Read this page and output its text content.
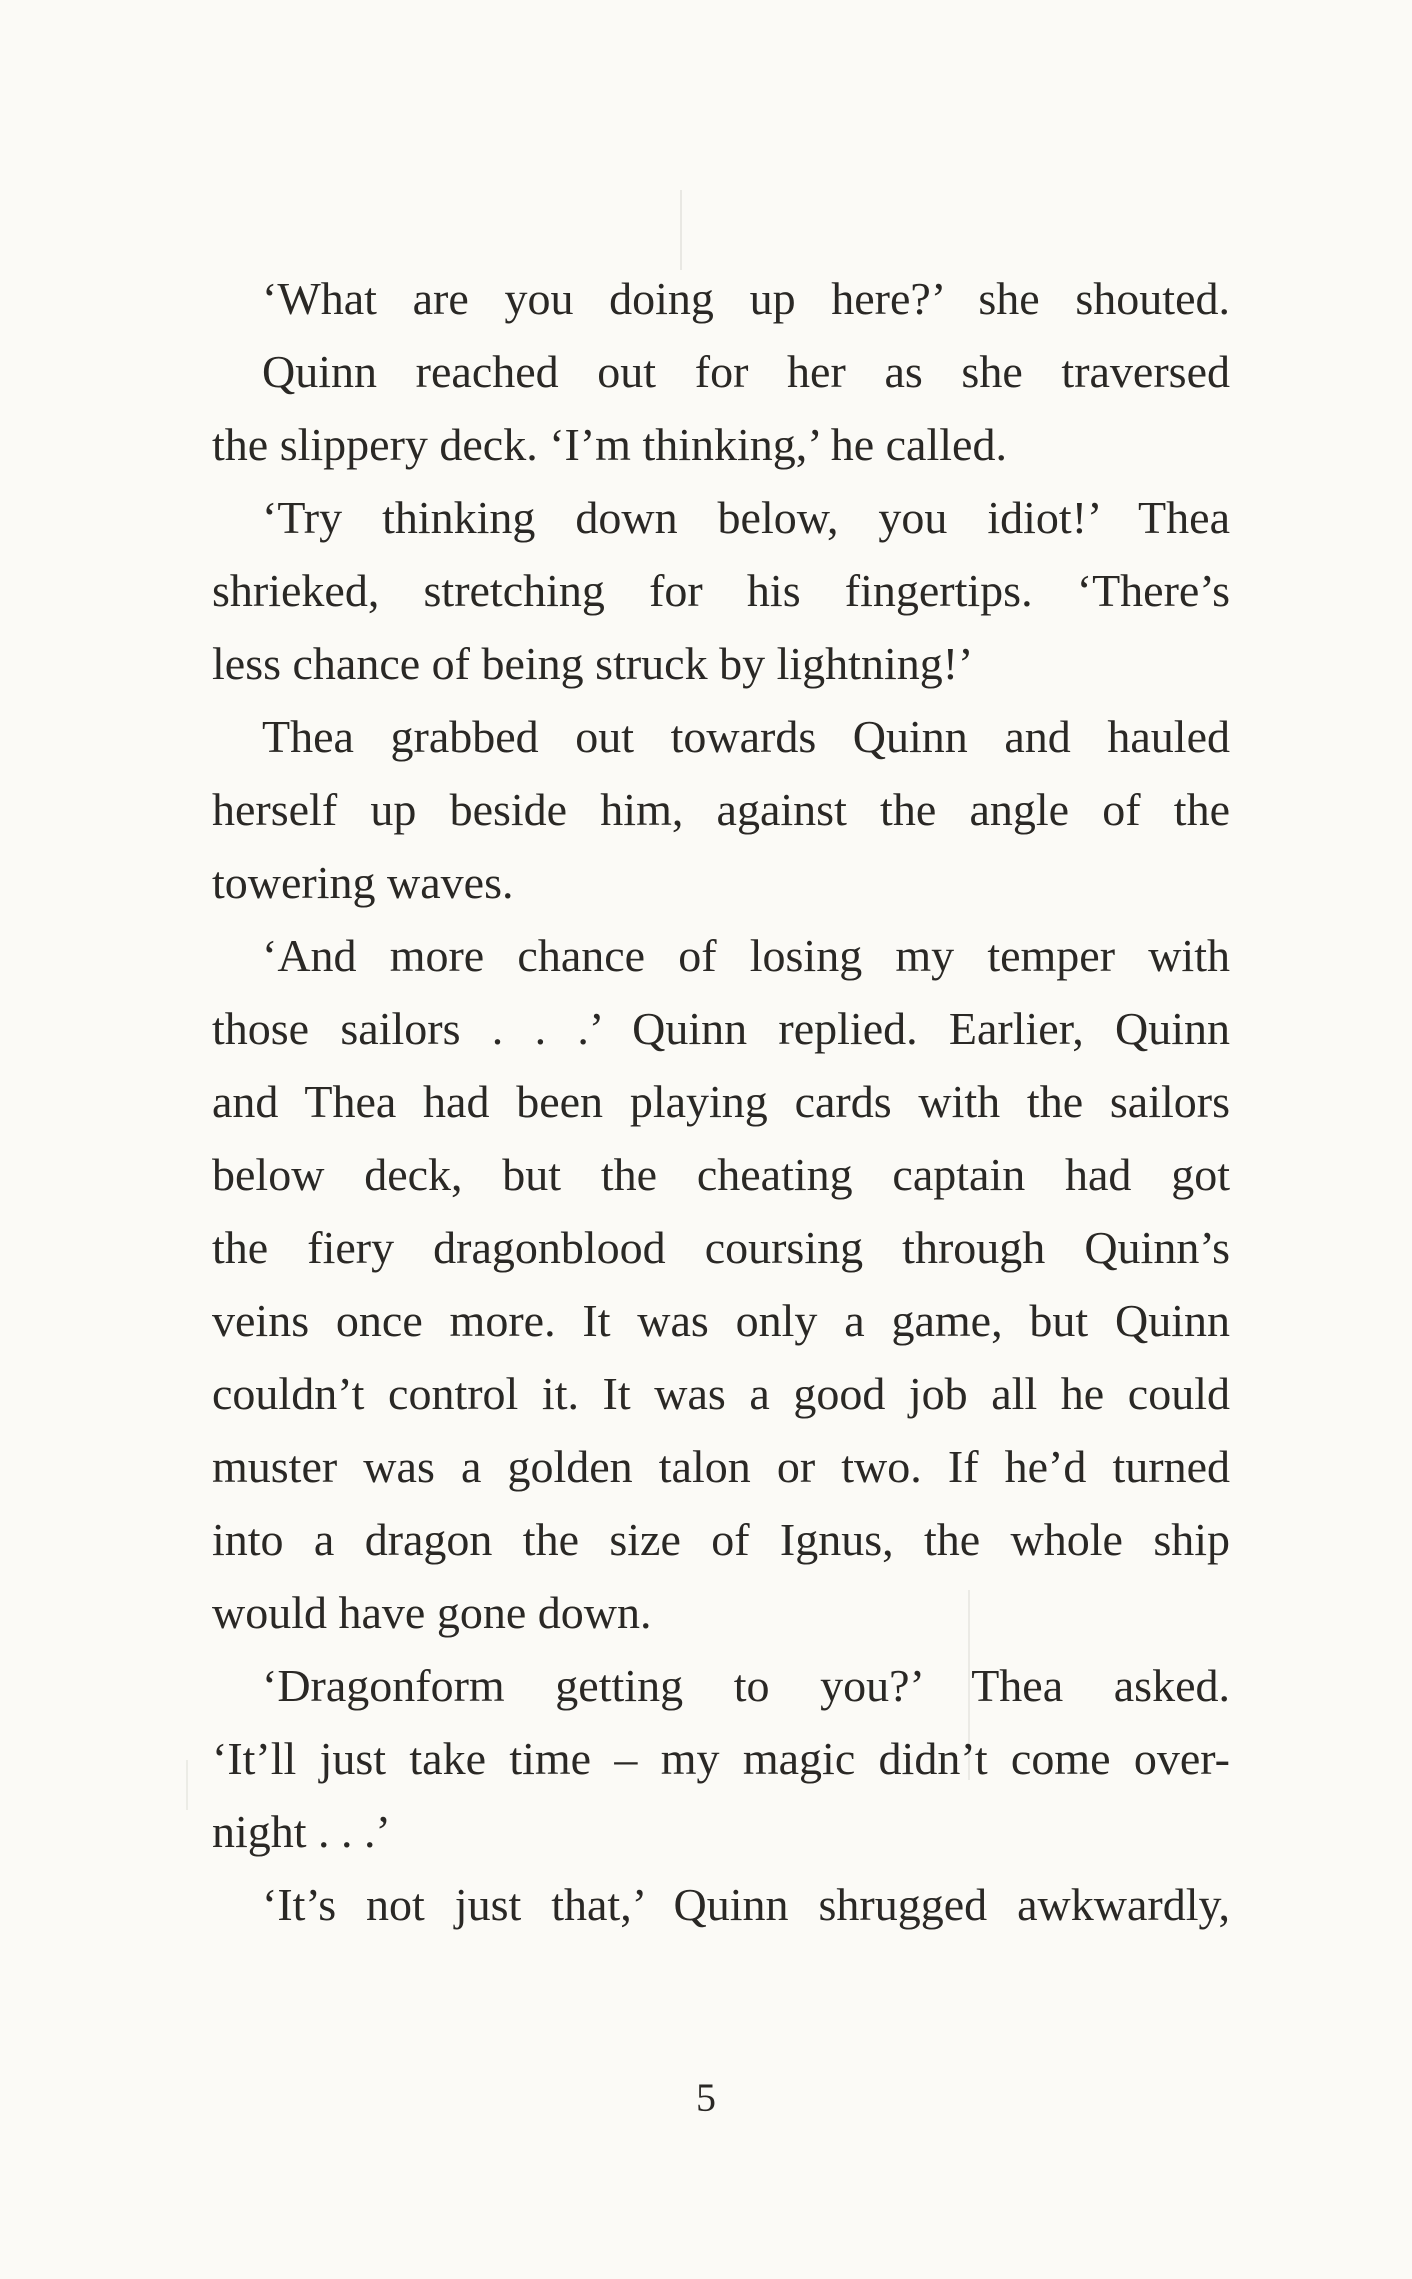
‘What are you doing up here?’ she shouted.
Quinn reached out for her as she traversed
the slippery deck. ‘I’m thinking,’ he called.
‘Try thinking down below, you idiot!’ Thea
shrieked, stretching for his fingertips. ‘There’s
less chance of being struck by lightning!’
Thea grabbed out towards Quinn and hauled
herself up beside him, against the angle of the
towering waves.
‘And more chance of losing my temper with
those sailors . . .’ Quinn replied. Earlier, Quinn
and Thea had been playing cards with the sailors
below deck, but the cheating captain had got
the fiery dragonblood coursing through Quinn’s
veins once more. It was only a game, but Quinn
couldn’t control it. It was a good job all he could
muster was a golden talon or two. If he’d turned
into a dragon the size of Ignus, the whole ship
would have gone down.
‘Dragonform getting to you?’ Thea asked.
‘It’ll just take time – my magic didn’t come over-
night . . .’
‘It’s not just that,’ Quinn shrugged awkwardly,
5
